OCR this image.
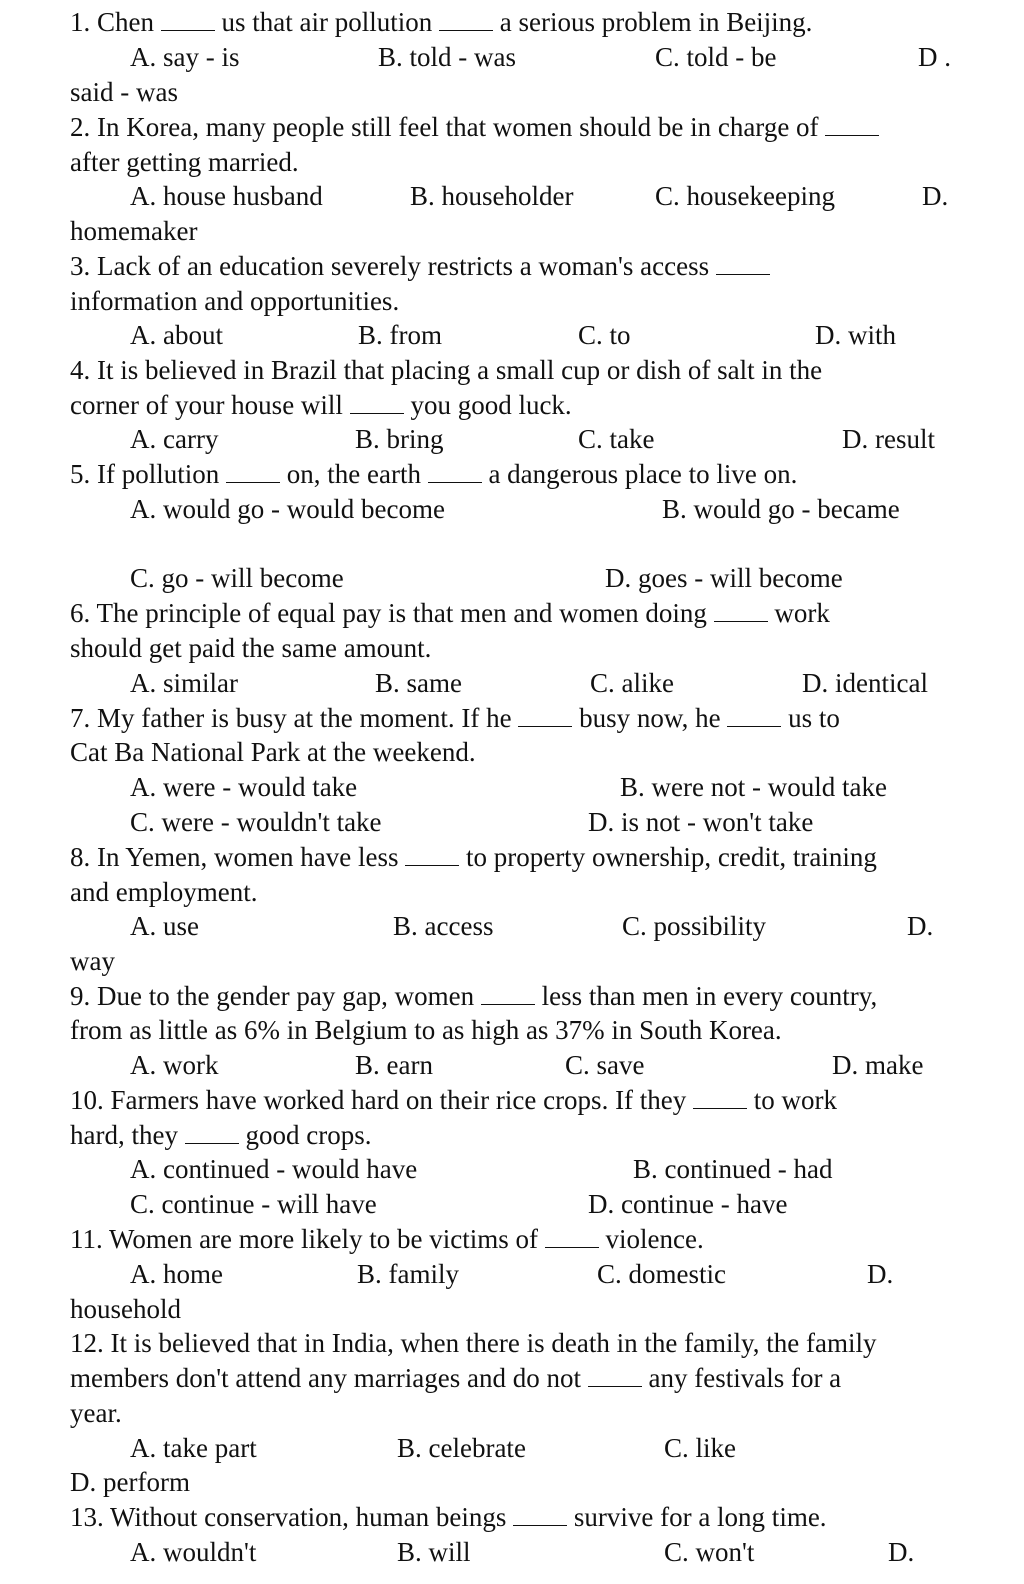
1. Chen	us that air pollution	a serious problem in Beijing.
A. say - is	B. told - was	C. told - be	D .
said - was
2. In Korea, many people still feel that women should be in charge of
after getting married.
A. house husband	B. householder	C. housekeeping	D.
homemaker
3. Lack of an education severely restricts a woman's access
information and opportunities.
A. about	B. from	C. to	D. with
4. It is believed in Brazil that placing a small cup or dish of salt in the
corner of your house will	you good luck.
A. carry	B. bring	C. take	D. result
5. If pollution	on, the earth	a dangerous place to live on.
A. would go - would become	B. would go - became
C. go - will become	D. goes - will become
6. The principle of equal pay is that men and women doing	work
should get paid the same amount.
A. similar	B. same	C. alike	D. identical
7. My father is busy at the moment. If he	busy now, he	us to
Cat Ba National Park at the weekend.
A. were - would take	B. were not - would take
C. were - wouldn't take	D. is not - won't take
8. In Yemen, women have less	to property ownership, credit, training
and employment.
A. use	B. access	C. possibility	D.
way
9. Due to the gender pay gap, women	less than men in every country,
from as little as 6% in Belgium to as high as 37% in South Korea.
A. work	B. earn	C. save	D. make
10. Farmers have worked hard on their rice crops. If they	to work
hard, they	good crops.
A. continued - would have	B. continued - had
C. continue - will have	D. continue - have
11. Women are more likely to be victims of	violence.
A. home	B. family	C. domestic	D.
household
12. It is believed that in India, when there is death in the family, the family
members don't attend any marriages and do not	any festivals for a
year.
A. take part	B. celebrate	C. like
D. perform
13. Without conservation, human beings	survive for a long time.
A. wouldn't	B. will	C. won't	D.
